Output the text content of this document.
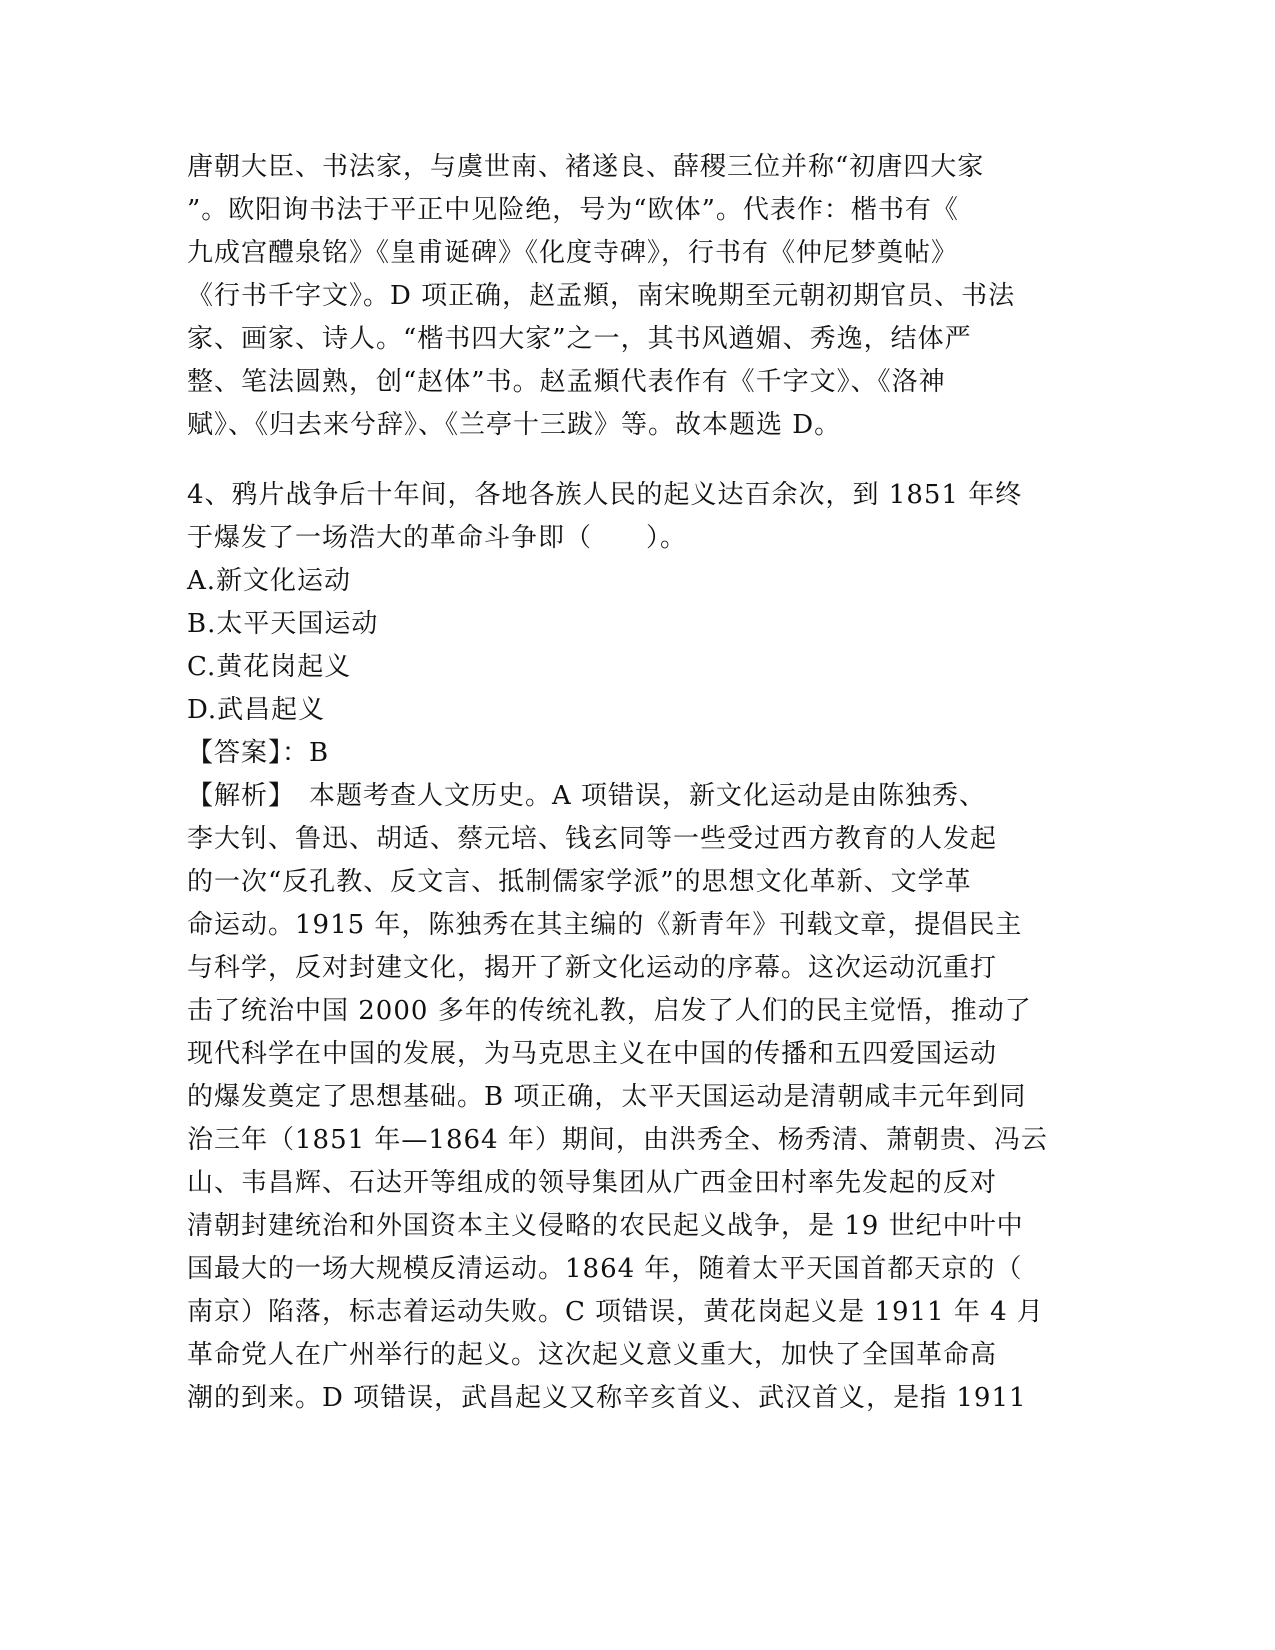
唐朝大臣、书法家，与虞世南、褚遂良、薛稷三位并称“初唐四大家
”。欧阳询书法于平正中见险绝，号为“欧体”。代表作：楷书有《
九成宫醴泉铭》《皇甫诞碑》《化度寺碑》，行书有《仲尼梦奠帖》
《行书千字文》。D 项正确，赵孟頫，南宋晚期至元朝初期官员、书法
家、画家、诗人。“楷书四大家”之一，其书风遒媚、秀逸，结体严
整、笔法圆熟，创“赵体”书。赵孟頫代表作有《千字文》、《洛神
赋》、《归去来兮辞》、《兰亭十三跋》等。故本题选 D。
4、鸦片战争后十年间，各地各族人民的起义达百余次，到 1851 年终
于爆发了一场浩大的革命斗争即（　　）。
A.新文化运动
B.太平天国运动
C.黄花岗起义
D.武昌起义
【答案】：B
【解析】　本题考查人文历史。A 项错误，新文化运动是由陈独秀、
李大钊、鲁迅、胡适、蔡元培、钱玄同等一些受过西方教育的人发起
的一次“反孔教、反文言、抵制儒家学派”的思想文化革新、文学革
命运动。1915 年，陈独秀在其主编的《新青年》刊载文章，提倡民主
与科学，反对封建文化，揭开了新文化运动的序幕。这次运动沉重打
击了统治中国 2000 多年的传统礼教，启发了人们的民主觉悟，推动了
现代科学在中国的发展，为马克思主义在中国的传播和五四爱国运动
的爆发奠定了思想基础。B 项正确，太平天国运动是清朝咸丰元年到同
治三年（1851 年—1864 年）期间，由洪秀全、杨秀清、萧朝贵、冯云
山、韦昌辉、石达开等组成的领导集团从广西金田村率先发起的反对
清朝封建统治和外国资本主义侵略的农民起义战争，是 19 世纪中叶中
国最大的一场大规模反清运动。1864 年，随着太平天国首都天京的（
南京）陷落，标志着运动失败。C 项错误，黄花岗起义是 1911 年 4 月
革命党人在广州举行的起义。这次起义意义重大，加快了全国革命高
潮的到来。D 项错误，武昌起义又称辛亥首义、武汉首义，是指 1911
